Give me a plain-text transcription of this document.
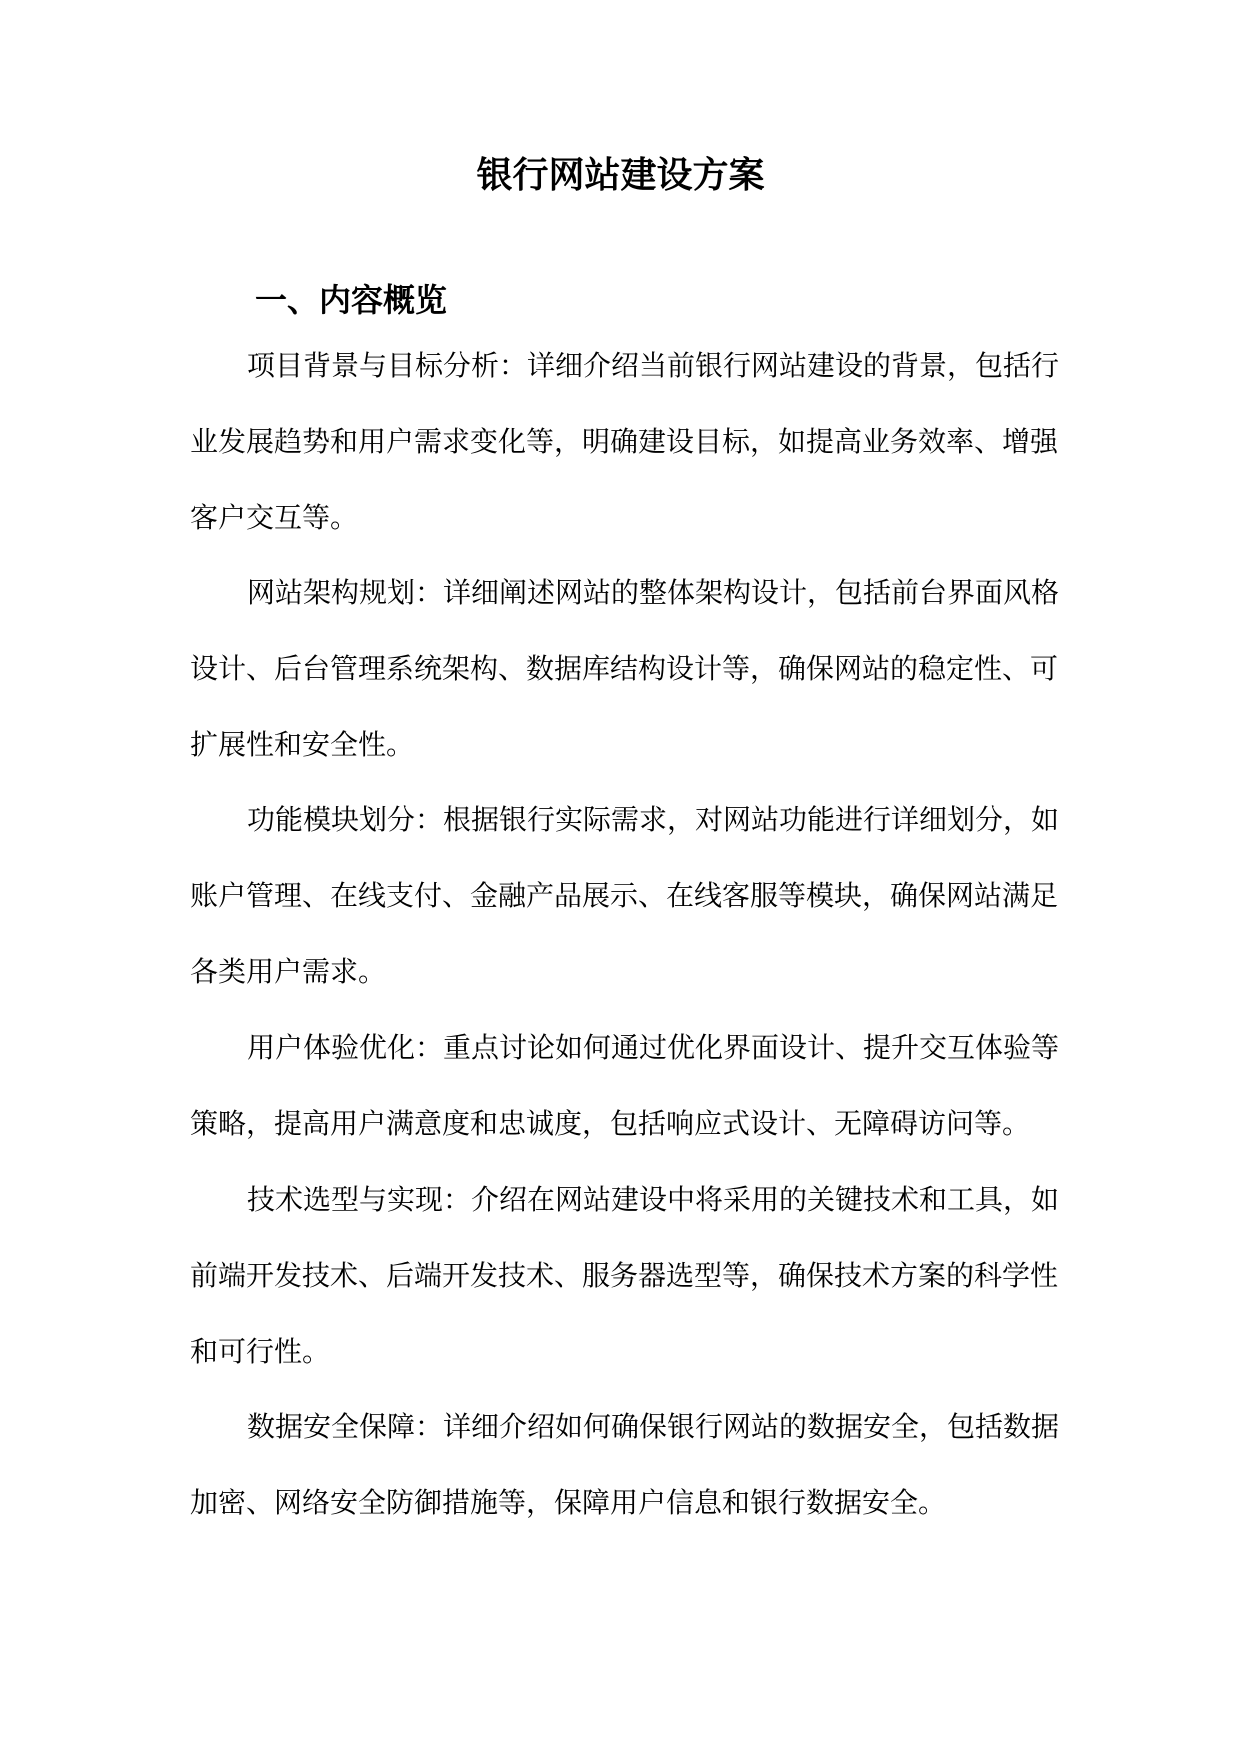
银行网站建设方案
一、内容概览

项目背景与目标分析：详细介绍当前银行网站建设的背景，包括行业发展趋势和用户需求变化等，明确建设目标，如提高业务效率、增强客户交互等。

网站架构规划：详细阐述网站的整体架构设计，包括前台界面风格设计、后台管理系统架构、数据库结构设计等，确保网站的稳定性、可扩展性和安全性。

功能模块划分：根据银行实际需求，对网站功能进行详细划分，如账户管理、在线支付、金融产品展示、在线客服等模块，确保网站满足各类用户需求。

用户体验优化：重点讨论如何通过优化界面设计、提升交互体验等策略，提高用户满意度和忠诚度，包括响应式设计、无障碍访问等。

技术选型与实现：介绍在网站建设中将采用的关键技术和工具，如前端开发技术、后端开发技术、服务器选型等，确保技术方案的科学性和可行性。

数据安全保障：详细介绍如何确保银行网站的数据安全，包括数据加密、网络安全防御措施等，保障用户信息和银行数据安全。
